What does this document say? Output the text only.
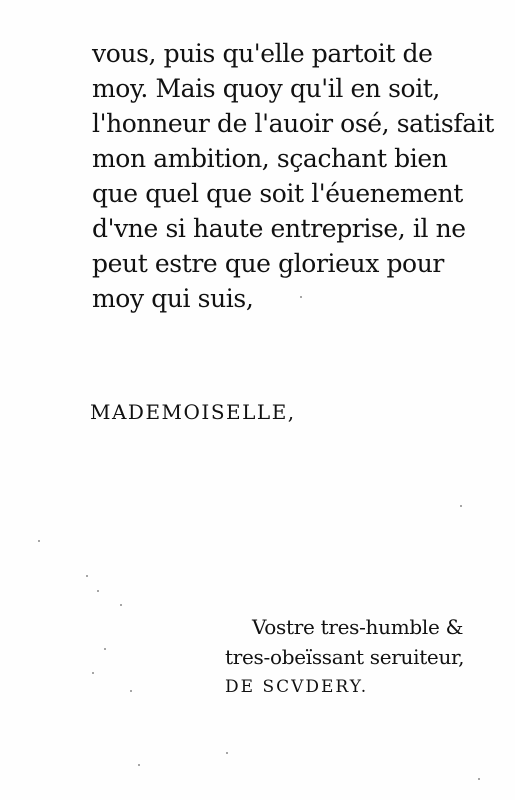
vous, puis qu'elle partoit de
moy. Mais quoy qu'il en soit,
l'honneur de l'auoir osé, satisfait
mon ambition, sçachant bien
que quel que soit l'éuenement
d'vne si haute entreprise, il ne
peut estre que glorieux pour
moy qui suis,
MADEMOISELLE,
Vostre tres-humble &
tres-obeïssant seruiteur,
DE SCVDERY.
